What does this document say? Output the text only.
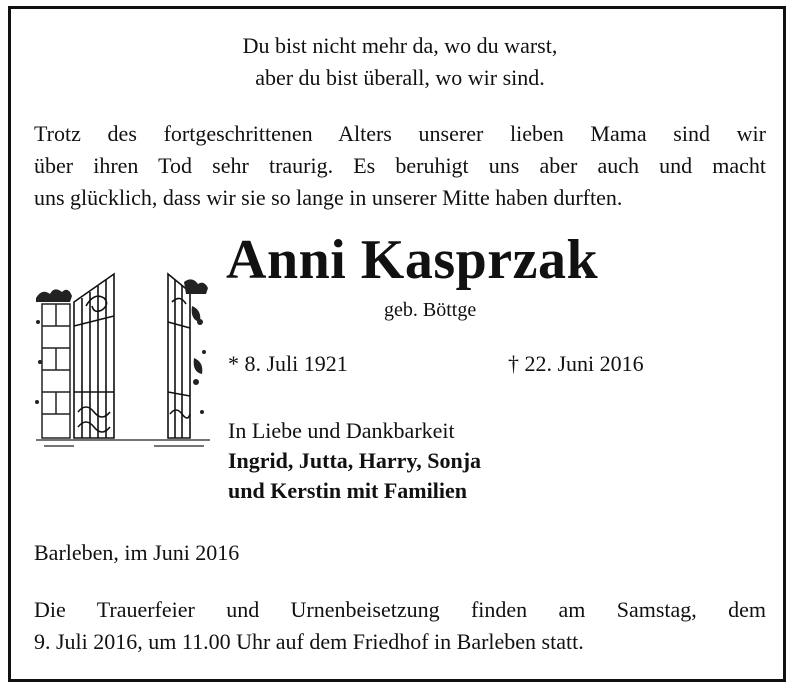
Du bist nicht mehr da, wo du warst,
aber du bist überall, wo wir sind.
Trotz des fortgeschrittenen Alters unserer lieben Mama sind wir
über ihren Tod sehr traurig. Es beruhigt uns aber auch und macht
uns glücklich, dass wir sie so lange in unserer Mitte haben durften.
Anni Kasprzak
geb. Böttge
* 8. Juli 1921	† 22. Juni 2016
In Liebe und Dankbarkeit
Ingrid, Jutta, Harry, Sonja
und Kerstin mit Familien
Barleben, im Juni 2016
Die Trauerfeier und Urnenbeisetzung finden am Samstag, dem
9. Juli 2016, um 11.00 Uhr auf dem Friedhof in Barleben statt.
